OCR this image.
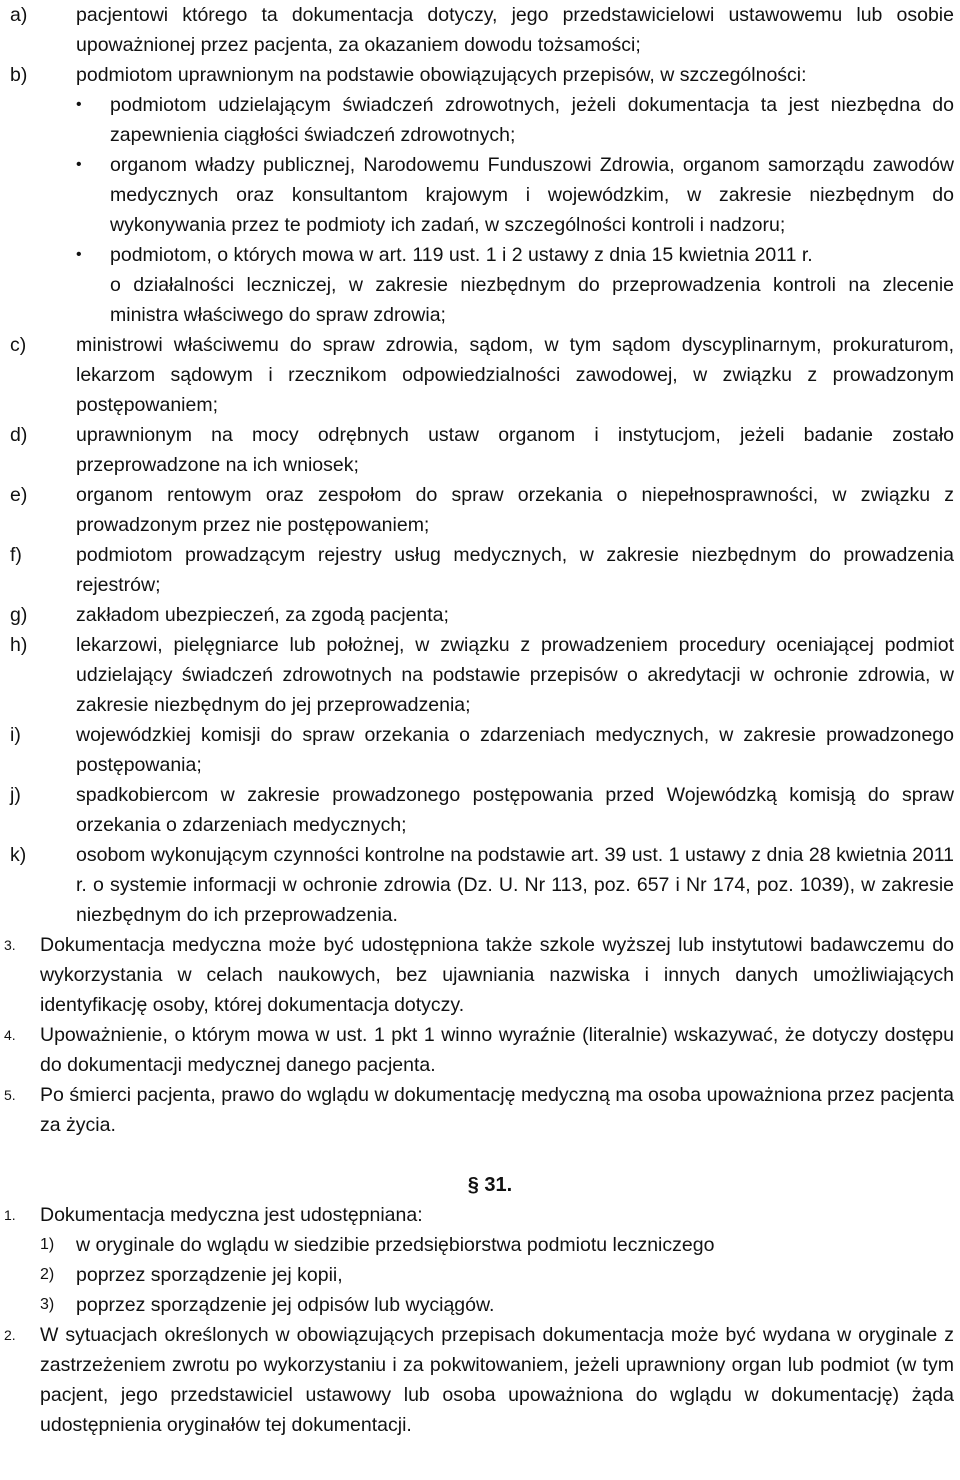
a) pacjentowi którego ta dokumentacja dotyczy, jego przedstawicielowi ustawowemu lub osobie upoważnionej przez pacjenta, za okazaniem dowodu tożsamości;
b) podmiotom uprawnionym na podstawie obowiązujących przepisów, w szczególności:
• podmiotom udzielającym świadczeń zdrowotnych, jeżeli dokumentacja ta jest niezbędna do zapewnienia ciągłości świadczeń zdrowotnych;
• organom władzy publicznej, Narodowemu Funduszowi Zdrowia, organom samorządu zawodów medycznych oraz konsultantom krajowym i wojewódzkim, w zakresie niezbędnym do wykonywania przez te podmioty ich zadań, w szczególności kontroli i nadzoru;
• podmiotom, o których mowa w art. 119 ust. 1 i 2 ustawy z dnia 15 kwietnia 2011 r.
o działalności leczniczej, w zakresie niezbędnym do przeprowadzenia kontroli na zlecenie ministra właściwego do spraw zdrowia;
c)	ministrowi właściwemu do spraw zdrowia, sądom, w tym sądom dyscyplinarnym, prokuraturom, lekarzom sądowym i rzecznikom odpowiedzialności zawodowej, w związku z prowadzonym postępowaniem;
d) uprawnionym na mocy odrębnych ustaw organom i instytucjom, jeżeli badanie zostało przeprowadzone na ich wniosek;
e) organom rentowym oraz zespołom do spraw orzekania o niepełnosprawności, w związku z prowadzonym przez nie postępowaniem;
f)	podmiotom prowadzącym rejestry usług medycznych, w zakresie niezbędnym do prowadzenia rejestrów;
g) zakładom ubezpieczeń, za zgodą pacjenta;
h) lekarzowi, pielęgniarce lub położnej, w związku z prowadzeniem procedury oceniającej podmiot udzielający świadczeń zdrowotnych na podstawie przepisów o akredytacji w ochronie zdrowia, w zakresie niezbędnym do jej przeprowadzenia;
i)	wojewódzkiej komisji do spraw orzekania o zdarzeniach medycznych, w zakresie prowadzonego postępowania;
j)	spadkobiercom w zakresie prowadzonego postępowania przed Wojewódzką komisją do spraw orzekania o zdarzeniach medycznych;
k)	osobom wykonującym czynności kontrolne na podstawie art. 39 ust. 1 ustawy z dnia 28 kwietnia 2011 r. o systemie informacji w ochronie zdrowia (Dz. U. Nr 113, poz. 657 i Nr 174, poz. 1039), w zakresie niezbędnym do ich przeprowadzenia.
3. Dokumentacja medyczna może być udostępniona także szkole wyższej lub instytutowi badawczemu do wykorzystania w celach naukowych, bez ujawniania nazwiska i innych danych umożliwiających identyfikację osoby, której dokumentacja dotyczy.
4. Upoważnienie, o którym mowa w ust. 1 pkt 1 winno wyraźnie (literalnie) wskazywać, że dotyczy dostępu do dokumentacji medycznej danego pacjenta.
5. Po śmierci pacjenta, prawo do wglądu w dokumentację medyczną ma osoba upoważniona przez pacjenta za życia.
§ 31.
1. Dokumentacja medyczna jest udostępniana:
1) w oryginale do wglądu w siedzibie przedsiębiorstwa podmiotu leczniczego
2) poprzez sporządzenie jej kopii,
3) poprzez sporządzenie jej odpisów lub wyciągów.
2. W sytuacjach określonych w obowiązujących przepisach dokumentacja może być wydana w oryginale z zastrzeżeniem zwrotu po wykorzystaniu i za pokwitowaniem, jeżeli uprawniony organ lub podmiot (w tym pacjent, jego przedstawiciel ustawowy lub osoba upoważniona do wglądu w dokumentację) żąda udostępnienia oryginałów tej dokumentacji.
